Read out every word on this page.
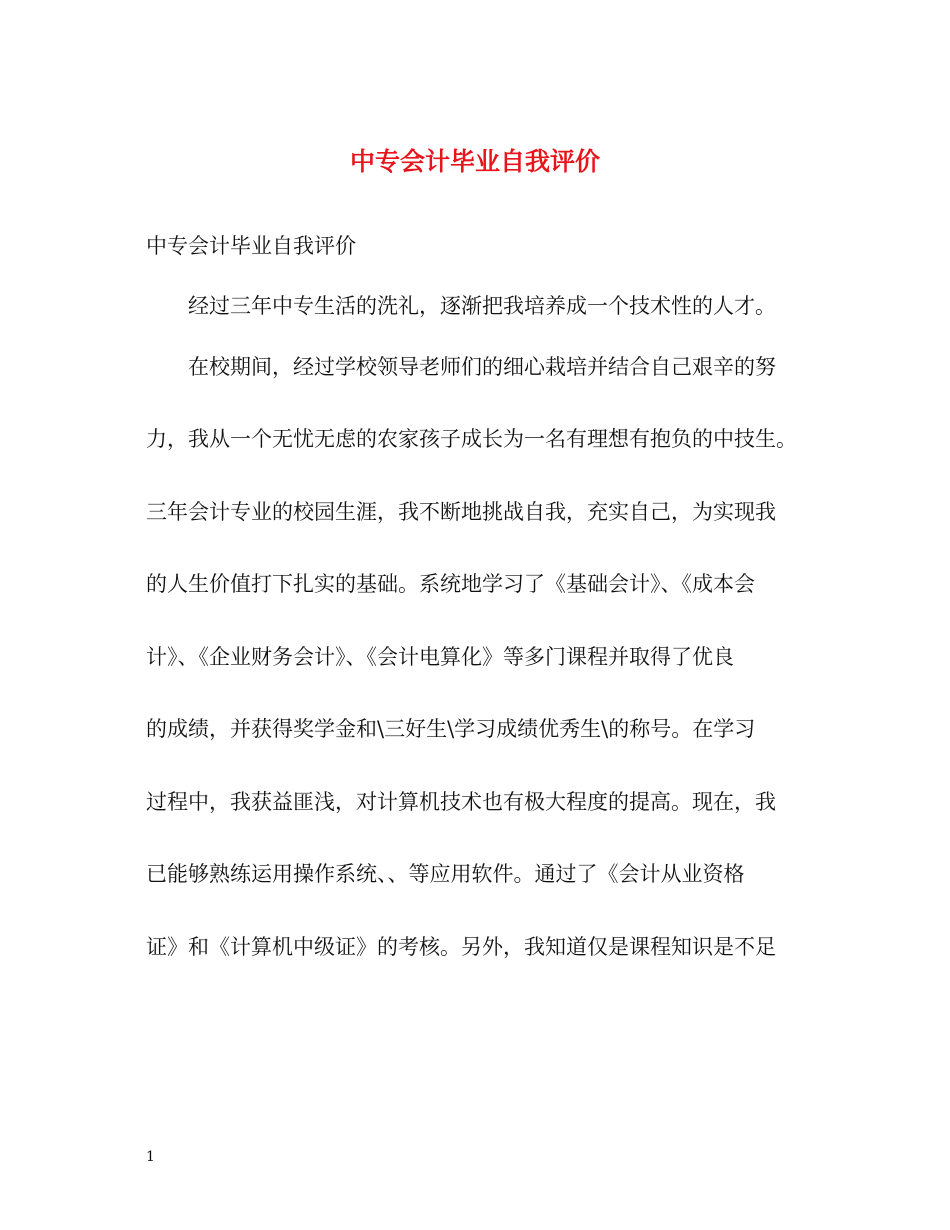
中专会计毕业自我评价
中专会计毕业自我评价
经过三年中专生活的洗礼，逐渐把我培养成一个技术性的人才。
在校期间，经过学校领导老师们的细心栽培并结合自己艰辛的努
力，我从一个无忧无虑的农家孩子成长为一名有理想有抱负的中技生。
三年会计专业的校园生涯，我不断地挑战自我，充实自己，为实现我
的人生价值打下扎实的基础。系统地学习了《基础会计》、《成本会
计》、《企业财务会计》、《会计电算化》等多门课程并取得了优良
的成绩，并获得奖学金和\三好生\学习成绩优秀生\的称号。在学习
过程中，我获益匪浅，对计算机技术也有极大程度的提高。现在，我
已能够熟练运用操作系统、、等应用软件。通过了《会计从业资格
证》和《计算机中级证》的考核。另外，我知道仅是课程知识是不足
1
